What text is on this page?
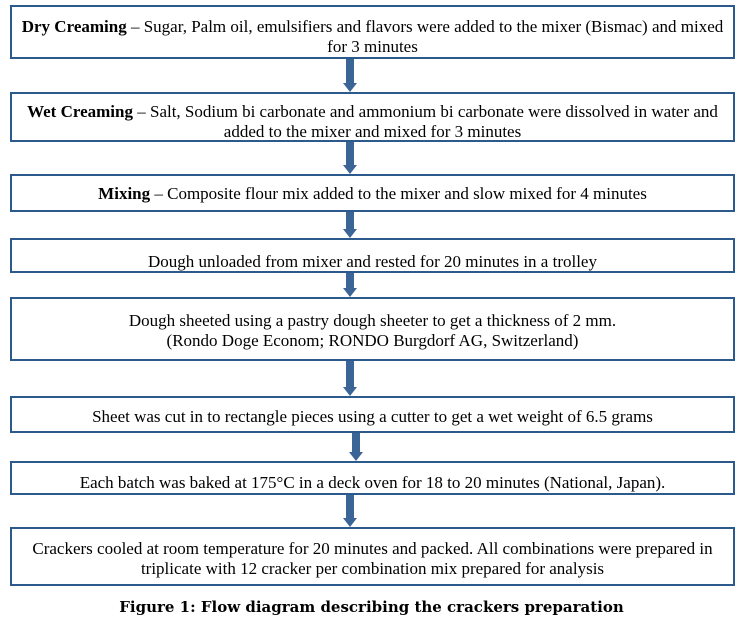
Dry Creaming – Sugar, Palm oil, emulsifiers and flavors were added to the mixer (Bismac) and mixed for 3 minutes
Wet Creaming – Salt, Sodium bi carbonate and ammonium bi carbonate were dissolved in water and added to the mixer and mixed for 3 minutes
Mixing – Composite flour mix added to the mixer and slow mixed for 4 minutes
Dough unloaded from mixer and rested for 20 minutes in a trolley
Dough sheeted using a pastry dough sheeter to get a thickness of 2 mm.
(Rondo Doge Econom; RONDO Burgdorf AG, Switzerland)
Sheet was cut in to rectangle pieces using a cutter to get a wet weight of 6.5 grams
Each batch was baked at 175°C in a deck oven for 18 to 20 minutes (National, Japan).
Crackers cooled at room temperature for 20 minutes and packed. All combinations were prepared in triplicate with 12 cracker per combination mix prepared for analysis
Figure 1: Flow diagram describing the crackers preparation
